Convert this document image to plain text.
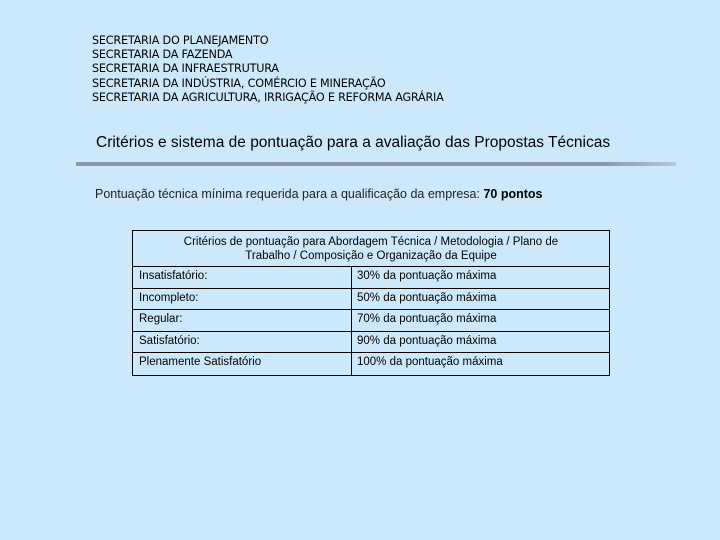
SECRETARIA DO PLANEJAMENTO
SECRETARIA DA FAZENDA
SECRETARIA DA INFRAESTRUTURA
SECRETARIA DA INDÚSTRIA, COMÉRCIO E MINERAÇÃO
SECRETARIA DA AGRICULTURA, IRRIGAÇÃO E REFORMA AGRÁRIA
Critérios e sistema de pontuação para a avaliação das Propostas Técnicas
Pontuação técnica mínima requerida para a qualificação da empresa: 70 pontos
Critérios de pontuação para Abordagem Técnica / Metodologia / Plano de Trabalho / Composição e Organização da Equipe
Insatisfatório:	30% da pontuação máxima
Incompleto:	50% da pontuação máxima
Regular:	70% da pontuação máxima
Satisfatório:	90% da pontuação máxima
Plenamente Satisfatório	100% da pontuação máxima
